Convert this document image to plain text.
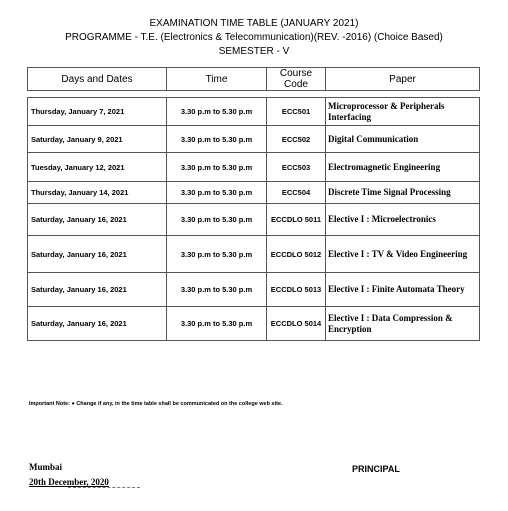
EXAMINATION TIME TABLE (JANUARY 2021)
PROGRAMME - T.E. (Electronics & Telecommunication)(REV. -2016) (Choice Based)
SEMESTER - V
Days and Dates	Time	Course Code	Paper

Thursday, January 7, 2021	3.30 p.m to 5.30 p.m	ECC501	Microprocessor & Peripherals Interfacing
Saturday, January 9, 2021	3.30 p.m to 5.30 p.m	ECC502	Digital Communication
Tuesday, January 12, 2021	3.30 p.m to 5.30 p.m	ECC503	Electromagnetic Engineering
Thursday, January 14, 2021	3.30 p.m to 5.30 p.m	ECC504	Discrete Time Signal Processing
Saturday, January 16, 2021	3.30 p.m to 5.30 p.m	ECCDLO 5011	Elective I : Microelectronics
Saturday, January 16, 2021	3.30 p.m to 5.30 p.m	ECCDLO 5012	Elective I : TV & Video Engineering
Saturday, January 16, 2021	3.30 p.m to 5.30 p.m	ECCDLO 5013	Elective I : Finite Automata Theory
Saturday, January 16, 2021	3.30 p.m to 5.30 p.m	ECCDLO 5014	Elective I : Data Compression & Encryption
Important Note: ● Change if any, in the time table shall be communicated on the college web site.
Mumbai
20th December, 2020
PRINCIPAL
